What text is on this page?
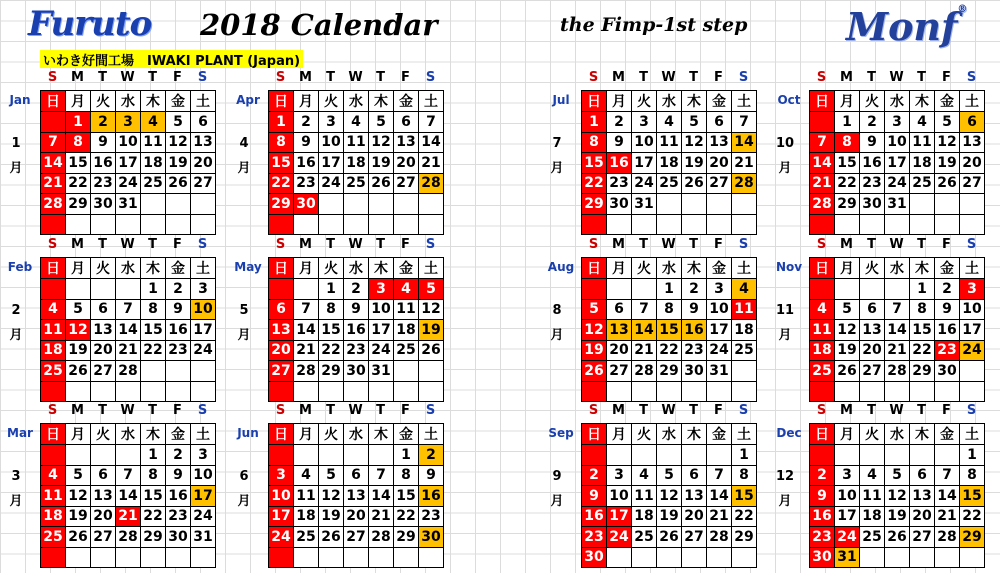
Furuto 2018 Calendar	the Fimp-1st step	Monf®
いわき好間工場　IWAKI PLANT (Japan)
S	M	T	W	T	F	S
Jan
1
月
日	月	火	水	木	金	土
	1	2	3	4	5	6
7	8	9	10	11	12	13
14	15	16	17	18	19	20
21	22	23	24	25	26	27
28	29	30	31			

S	M	T	W	T	F	S
Apr
4
月
日	月	火	水	木	金	土
1	2	3	4	5	6	7
8	9	10	11	12	13	14
15	16	17	18	19	20	21
22	23	24	25	26	27	28
29	30					

S	M	T	W	T	F	S
Jul
7
月
日	月	火	水	木	金	土
1	2	3	4	5	6	7
8	9	10	11	12	13	14
15	16	17	18	19	20	21
22	23	24	25	26	27	28
29	30	31				

S	M	T	W	T	F	S
Oct
10
月
日	月	火	水	木	金	土
	1	2	3	4	5	6
7	8	9	10	11	12	13
14	15	16	17	18	19	20
21	22	23	24	25	26	27
28	29	30	31			

S	M	T	W	T	F	S
Feb
2
月
日	月	火	水	木	金	土
				1	2	3
4	5	6	7	8	9	10
11	12	13	14	15	16	17
18	19	20	21	22	23	24
25	26	27	28			

S	M	T	W	T	F	S
May
5
月
日	月	火	水	木	金	土
		1	2	3	4	5
6	7	8	9	10	11	12
13	14	15	16	17	18	19
20	21	22	23	24	25	26
27	28	29	30	31		

S	M	T	W	T	F	S
Aug
8
月
日	月	火	水	木	金	土
			1	2	3	4
5	6	7	8	9	10	11
12	13	14	15	16	17	18
19	20	21	22	23	24	25
26	27	28	29	30	31	

S	M	T	W	T	F	S
Nov
11
月
日	月	火	水	木	金	土
				1	2	3
4	5	6	7	8	9	10
11	12	13	14	15	16	17
18	19	20	21	22	23	24
25	26	27	28	29	30	

S	M	T	W	T	F	S
Mar
3
月
日	月	火	水	木	金	土
				1	2	3
4	5	6	7	8	9	10
11	12	13	14	15	16	17
18	19	20	21	22	23	24
25	26	27	28	29	30	31

S	M	T	W	T	F	S
Jun
6
月
日	月	火	水	木	金	土
					1	2
3	4	5	6	7	8	9
10	11	12	13	14	15	16
17	18	19	20	21	22	23
24	25	26	27	28	29	30

S	M	T	W	T	F	S
Sep
9
月
日	月	火	水	木	金	土
						1
2	3	4	5	6	7	8
9	10	11	12	13	14	15
16	17	18	19	20	21	22
23	24	25	26	27	28	29
30						
S	M	T	W	T	F	S
Dec
12
月
日	月	火	水	木	金	土
						1
2	3	4	5	6	7	8
9	10	11	12	13	14	15
16	17	18	19	20	21	22
23	24	25	26	27	28	29
30	31					
